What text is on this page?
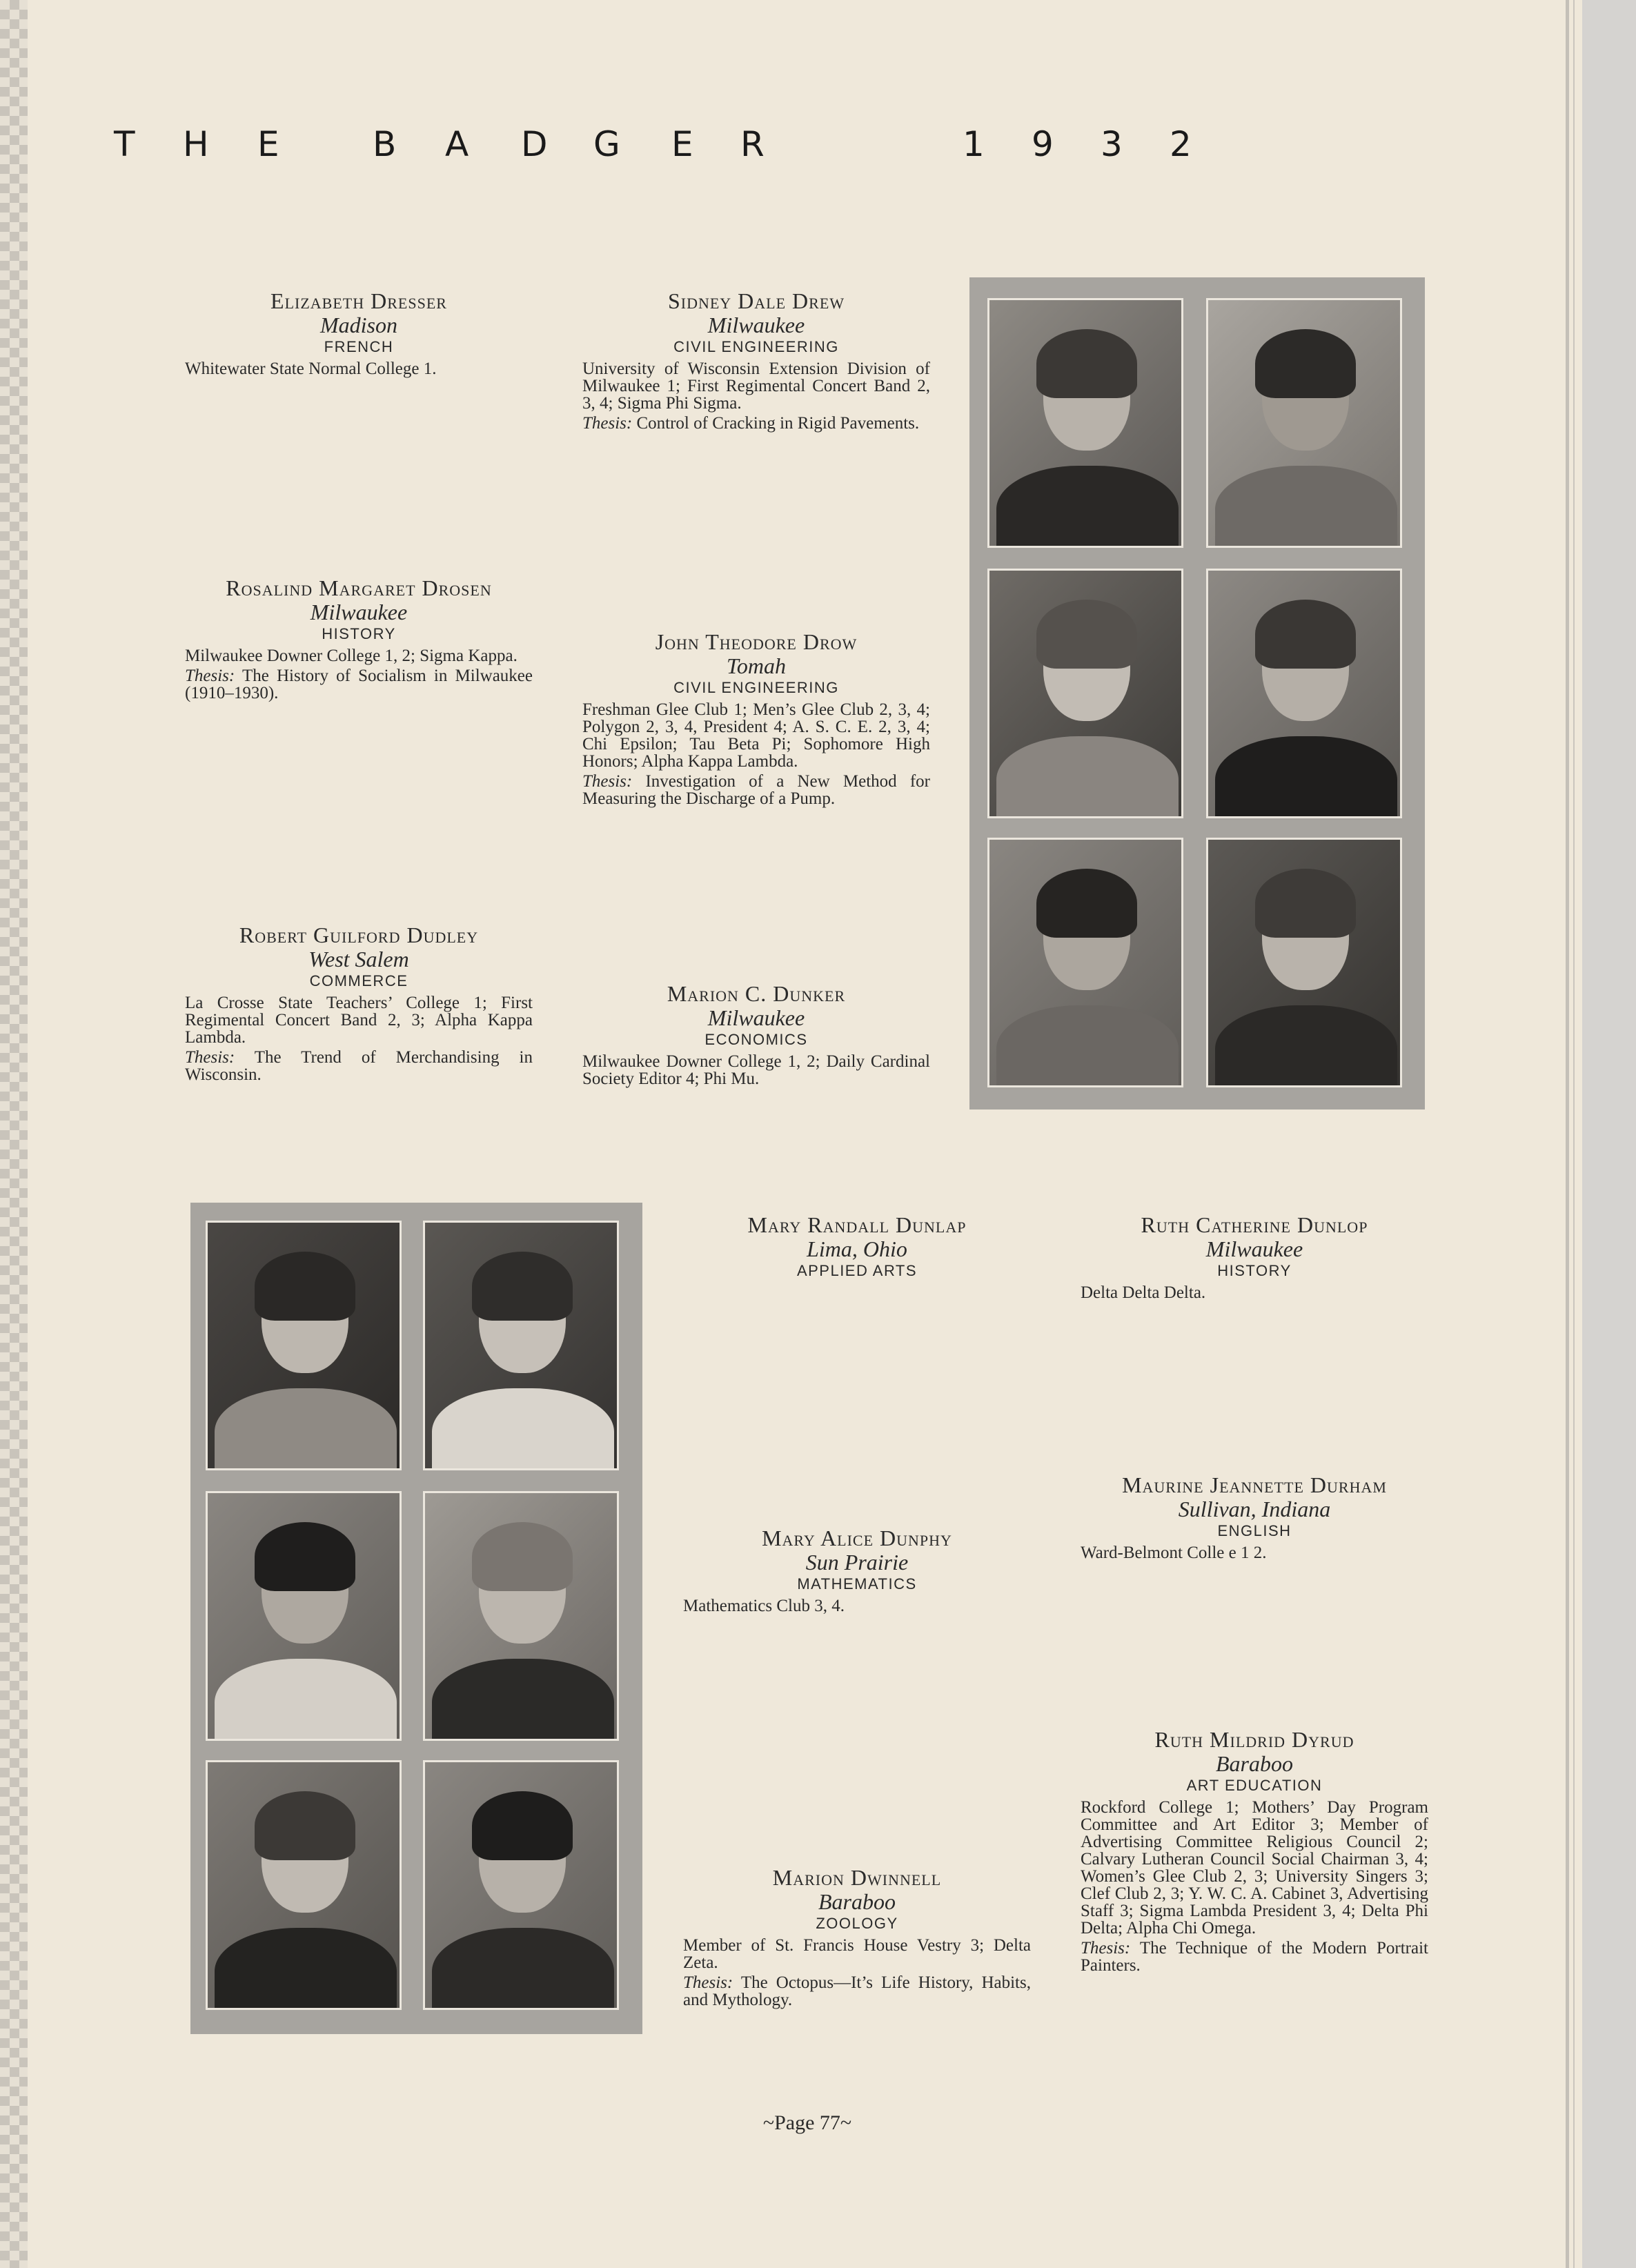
T H E	B A D G E R	1 9 3 2
Elizabeth Dresser
Madison
FRENCH
Whitewater State Normal College 1.
Sidney Dale Drew
Milwaukee
CIVIL ENGINEERING
University of Wisconsin Extension Division of Milwaukee 1; First Regimental Concert Band 2, 3, 4; Sigma Phi Sigma.
Thesis: Control of Cracking in Rigid Pavements.
Rosalind Margaret Drosen
Milwaukee
HISTORY
Milwaukee Downer College 1, 2; Sigma Kappa.
Thesis: The History of Socialism in Milwaukee (1910–1930).
John Theodore Drow
Tomah
CIVIL ENGINEERING
Freshman Glee Club 1; Men’s Glee Club 2, 3, 4; Polygon 2, 3, 4, President 4; A. S. C. E. 2, 3, 4; Chi Epsilon; Tau Beta Pi; Sophomore High Honors; Alpha Kappa Lambda.
Thesis: Investigation of a New Method for Measuring the Discharge of a Pump.
Robert Guilford Dudley
West Salem
COMMERCE
La Crosse State Teachers’ College 1; First Regimental Concert Band 2, 3; Alpha Kappa Lambda.
Thesis: The Trend of Merchandising in Wisconsin.
Marion C. Dunker
Milwaukee
ECONOMICS
Milwaukee Downer College 1, 2; Daily Cardinal Society Editor 4; Phi Mu.
Mary Randall Dunlap
Lima, Ohio
APPLIED ARTS
Ruth Catherine Dunlop
Milwaukee
HISTORY
Delta Delta Delta.
Maurine Jeannette Durham
Sullivan, Indiana
ENGLISH
Ward-Belmont Colle e 1 2.
Mary Alice Dunphy
Sun Prairie
MATHEMATICS
Mathematics Club 3, 4.
Ruth Mildrid Dyrud
Baraboo
ART EDUCATION
Rockford College 1; Mothers’ Day Program Committee and Art Editor 3; Member of Advertising Committee Religious Council 2; Calvary Lutheran Council Social Chairman 3, 4; Women’s Glee Club 2, 3; University Singers 3; Clef Club 2, 3; Y. W. C. A. Cabinet 3, Advertising Staff 3; Sigma Lambda President 3, 4; Delta Phi Delta; Alpha Chi Omega.
Thesis: The Technique of the Modern Portrait Painters.
Marion Dwinnell
Baraboo
ZOOLOGY
Member of St. Francis House Vestry 3; Delta Zeta.
Thesis: The Octopus—It’s Life History, Habits, and Mythology.
~Page 77~
